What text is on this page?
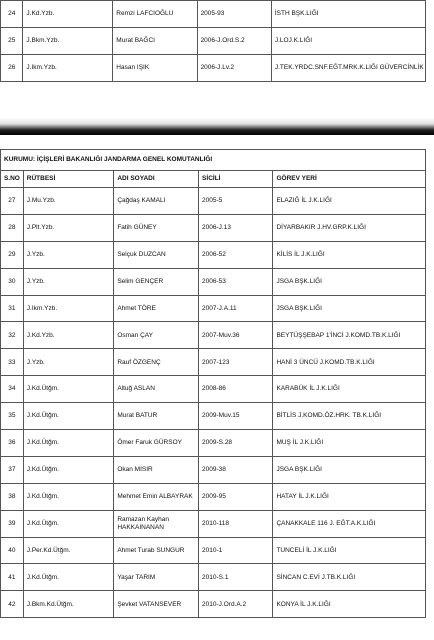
24	J.Kd.Yzb.	Remzi LAFCIOĞLU	2005-93	İSTH BŞK.LIĞI
25	J.Bkm.Yzb.	Murat BAĞCI	2006-J.Ord.S.2	J.LOJ.K.LIĞI
26	J.Ikm.Yzb.	Hasan IŞIK	2006-J.Lv.2	J.TEK.YRDC.SNF.EĞT.MRK.K.LIĞI GÜVERCİNLİK
KURUMU: İÇİŞLERİ BAKANLIĞI JANDARMA GENEL KOMUTANLIĞI				
S.NO	RÜTBESİ	ADI SOYADI	SİCİLİ	GÖREV YERİ
27	J.Mu.Yzb.	Çağdaş KAMALI	2005-5	ELAZIĞ İL J.K.LIĞI
28	J.Plt.Yzb.	Fatih GÜNEY	2006-J.13	DİYARBAKIR J.HV.GRP.K.LIĞI
29	J.Yzb.	Selçuk DUZCAN	2006-52	KİLİS İL J.K.LIĞI
30	J.Yzb.	Selim GENÇER	2006-53	JSGA BŞK.LIĞI
31	J.Ikm.Yzb.	Ahmet TÖRE	2007-J.A.11	JSGA BŞK.LIĞI
32	J.Kd.Yzb.	Osman ÇAY	2007-Muv.36	BEYTÜŞŞEBAP 1'İNCİ J.KOMD.TB.K.LIĞI
33	J.Yzb.	Rauf ÖZGENÇ	2007-123	HANİ 3 ÜNCÜ J.KOMD.TB.K.LIĞI
34	J.Kd.Ütğm.	Altuğ ASLAN	2008-86	KARABÜK İL J.K.LIĞI
35	J.Kd.Ütğm.	Murat BATUR	2009-Muv.15	BİTLİS J.KOMD.ÖZ.HRK. TB.K.LIĞI
36	J.Kd.Ütğm.	Ömer Faruk GÜRSOY	2009-S.28	MUŞ İL J.K.LIĞI
37	J.Kd.Ütğm.	Okan MISIR	2009-38	JSGA BŞK.LIĞI
38	J.Kd.Ütğm.	Mehmet Emin ALBAYRAK	2009-95	HATAY İL J.K.LIĞI
39	J.Kd.Ütğm.	Ramazan Kayhan HAKKAINANAN	2010-118	ÇANAKKALE 116 J. EĞT.A.K.LIĞI
40	J.Per.Kd.Ütğm.	Ahmet Turab SUNGUR	2010-1	TUNCELİ İL J.K.LIĞI
41	J.Kd.Ütğm.	Yaşar TARIM	2010-S.1	SİNCAN C.EVİ J.TB.K.LIĞI
42	J.Bkm.Kd.Ütğm.	Şevket VATANSEVER	2010-J.Ord.A.2	KONYA İL J.K.LIĞI
